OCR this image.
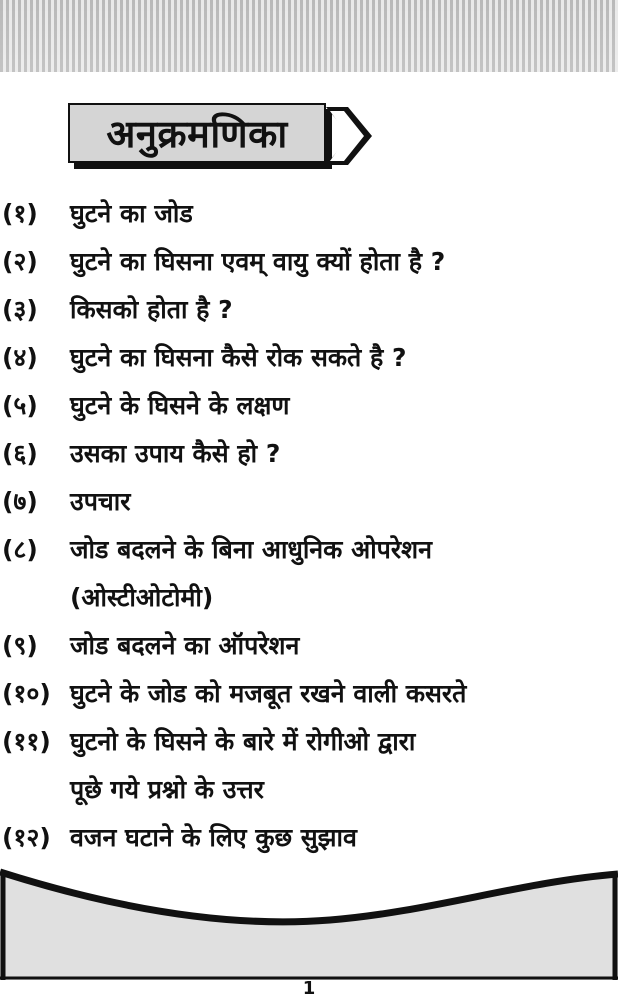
अनुक्रमणिका
(१) घुटने का जोड
(२) घुटने का घिसना एवम् वायु क्यों होता है ?
(३) किसको होता है ?
(४) घुटने का घिसना कैसे रोक सकते है ?
(५) घुटने के घिसने के लक्षण
(६) उसका उपाय कैसे हो ?
(७) उपचार
(८) जोड बदलने के बिना आधुनिक ओपरेशन
(ओस्टीओटोमी)
(९) जोड बदलने का ऑपरेशन
(१०) घुटने के जोड को मजबूत रखने वाली कसरते
(११) घुटनो के घिसने के बारे में रोगीओ द्वारा
पूछे गये प्रश्नो के उत्तर
(१२) वजन घटाने के लिए कुछ सुझाव
1
